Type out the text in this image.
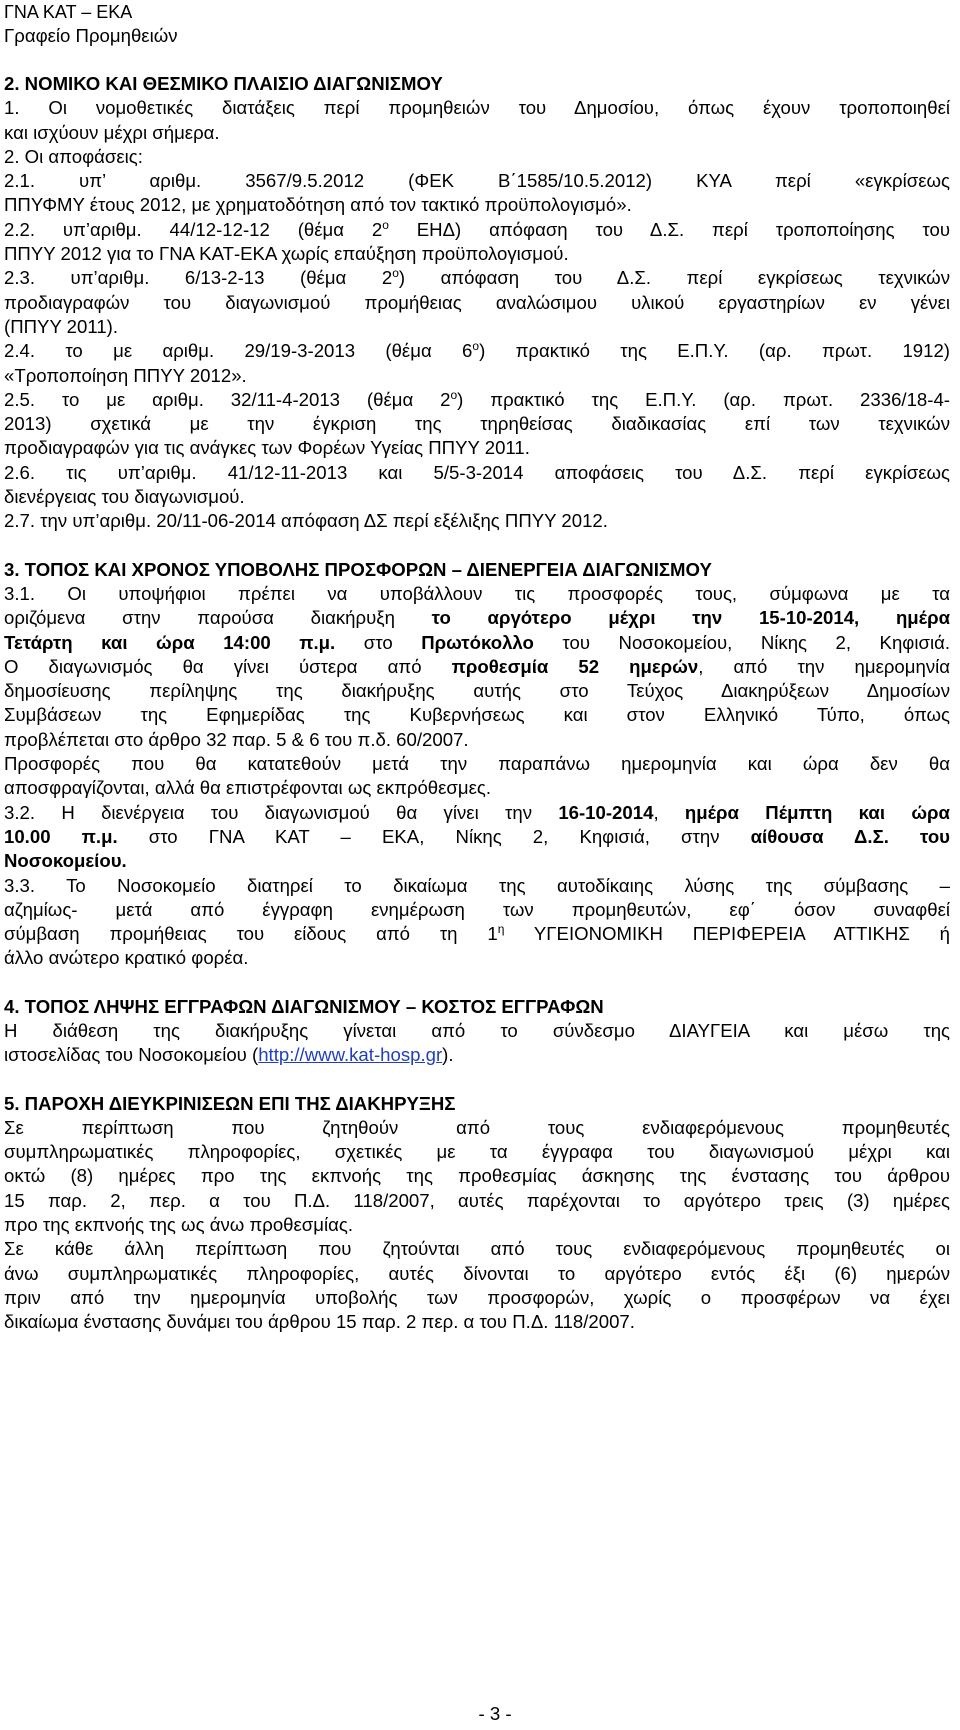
ΓΝΑ ΚΑΤ – ΕΚΑ
Γραφείο Προμηθειών

2. ΝΟΜΙΚΟ ΚΑΙ ΘΕΣΜΙΚΟ ΠΛΑΙΣΙΟ ΔΙΑΓΩΝΙΣΜΟΥ

1. Οι νομοθετικές διατάξεις περί προμηθειών του Δημοσίου, όπως έχουν τροποποιηθεί

και ισχύουν μέχρι σήμερα.

2. Οι αποφάσεις:

2.1. υπ’ αριθμ. 3567/9.5.2012 (ΦΕΚ Β΄1585/10.5.2012) ΚΥΑ περί «εγκρίσεως

ΠΠΥΦΜΥ έτους 2012, με χρηματοδότηση από τον τακτικό προϋπολογισμό».

2.2. υπ’αριθμ. 44/12-12-12 (θέμα $2^o$ ΕΗΔ) απόφαση του Δ.Σ. περί τροποποίησης του

ΠΠΥΥ 2012 για το ΓΝΑ ΚΑΤ-ΕΚΑ χωρίς επαύξηση προϋπολογισμού.

2.3. υπ’αριθμ. 6/13-2-13 (θέμα $2^o$) απόφαση του Δ.Σ. περί εγκρίσεως τεχνικών

προδιαγραφών του διαγωνισμού προμήθειας αναλώσιμου υλικού εργαστηρίων εν γένει

(ΠΠΥΥ 2011).

2.4. το με αριθμ. 29/19-3-2013 (θέμα $6^o$) πρακτικό της Ε.Π.Υ. (αρ. πρωτ. 1912)

«Τροποποίηση ΠΠΥΥ 2012».

2.5. το με αριθμ. 32/11-4-2013 (θέμα $2^o$) πρακτικό της Ε.Π.Υ. (αρ. πρωτ. 2336/18-4-

2013) σχετικά με την έγκριση της τηρηθείσας διαδικασίας επί των τεχνικών

προδιαγραφών για τις ανάγκες των Φορέων Υγείας ΠΠΥΥ 2011.

2.6. τις υπ’αριθμ. 41/12-11-2013 και 5/5-3-2014 αποφάσεις του Δ.Σ. περί εγκρίσεως

διενέργειας του διαγωνισμού.

2.7. την υπ’αριθμ. 20/11-06-2014 απόφαση ΔΣ περί εξέλιξης ΠΠΥΥ 2012.

3. ΤΟΠΟΣ ΚΑΙ ΧΡΟΝΟΣ ΥΠΟΒΟΛΗΣ ΠΡΟΣΦΟΡΩΝ – ΔΙΕΝΕΡΓΕΙΑ ΔΙΑΓΩΝΙΣΜΟΥ

3.1. Οι υποψήφιοι πρέπει να υποβάλλουν τις προσφορές τους, σύμφωνα με τα

οριζόμενα στην παρούσα διακήρυξη το αργότερο μέχρι την 15-10-2014, ημέρα

Τετάρτη και ώρα 14:00 π.μ. στο Πρωτόκολλο του Νοσοκομείου, Νίκης 2, Κηφισιά.

Ο διαγωνισμός θα γίνει ύστερα από προθεσμία 52 ημερών, από την ημερομηνία

δημοσίευσης περίληψης της διακήρυξης αυτής στο Τεύχος Διακηρύξεων Δημοσίων

Συμβάσεων της Εφημερίδας της Κυβερνήσεως και στον Ελληνικό Τύπο, όπως

προβλέπεται στο άρθρο 32 παρ. 5 & 6 του π.δ. 60/2007.

Προσφορές που θα κατατεθούν μετά την παραπάνω ημερομηνία και ώρα δεν θα

αποσφραγίζονται, αλλά θα επιστρέφονται ως εκπρόθεσμες.

3.2. Η διενέργεια του διαγωνισμού θα γίνει την 16-10-2014, ημέρα Πέμπτη και ώρα

10.00 π.μ. στο ΓΝΑ ΚΑΤ – ΕΚΑ, Νίκης 2, Κηφισιά, στην αίθουσα Δ.Σ. του

Νοσοκομείου.

3.3. Το Νοσοκομείο διατηρεί το δικαίωμα της αυτοδίκαιης λύσης της σύμβασης –

αζημίως- μετά από έγγραφη ενημέρωση των προμηθευτών, εφ΄ όσον συναφθεί

σύμβαση προμήθειας του είδους από τη $1^\eta$ ΥΓΕΙΟΝΟΜΙΚΗ ΠΕΡΙΦΕΡΕΙΑ ΑΤΤΙΚΗΣ ή

άλλο ανώτερο κρατικό φορέα.

4. ΤΟΠΟΣ ΛΗΨΗΣ ΕΓΓΡΑΦΩΝ ΔΙΑΓΩΝΙΣΜΟΥ – ΚΟΣΤΟΣ ΕΓΓΡΑΦΩΝ

Η διάθεση της διακήρυξης γίνεται από το σύνδεσμο ΔΙΑΥΓΕΙΑ και μέσω της

ιστοσελίδας του Νοσοκομείου (http://www.kat-hosp.gr).

5. ΠΑΡΟΧΗ ΔΙΕΥΚΡΙΝΙΣΕΩΝ ΕΠΙ ΤΗΣ ΔΙΑΚΗΡΥΞΗΣ

Σε περίπτωση που ζητηθούν από τους ενδιαφερόμενους προμηθευτές

συμπληρωματικές πληροφορίες, σχετικές με τα έγγραφα του διαγωνισμού μέχρι και

οκτώ (8) ημέρες προ της εκπνοής της προθεσμίας άσκησης της ένστασης του άρθρου

15 παρ. 2, περ. α του Π.Δ. 118/2007, αυτές παρέχονται το αργότερο τρεις (3) ημέρες

προ της εκπνοής της ως άνω προθεσμίας.

Σε κάθε άλλη περίπτωση που ζητούνται από τους ενδιαφερόμενους προμηθευτές οι

άνω συμπληρωματικές πληροφορίες, αυτές δίνονται το αργότερο εντός έξι (6) ημερών

πριν από την ημερομηνία υποβολής των προσφορών, χωρίς ο προσφέρων να έχει

δικαίωμα ένστασης δυνάμει του άρθρου 15 παρ. 2 περ. α του Π.Δ. 118/2007.

- 3 -
